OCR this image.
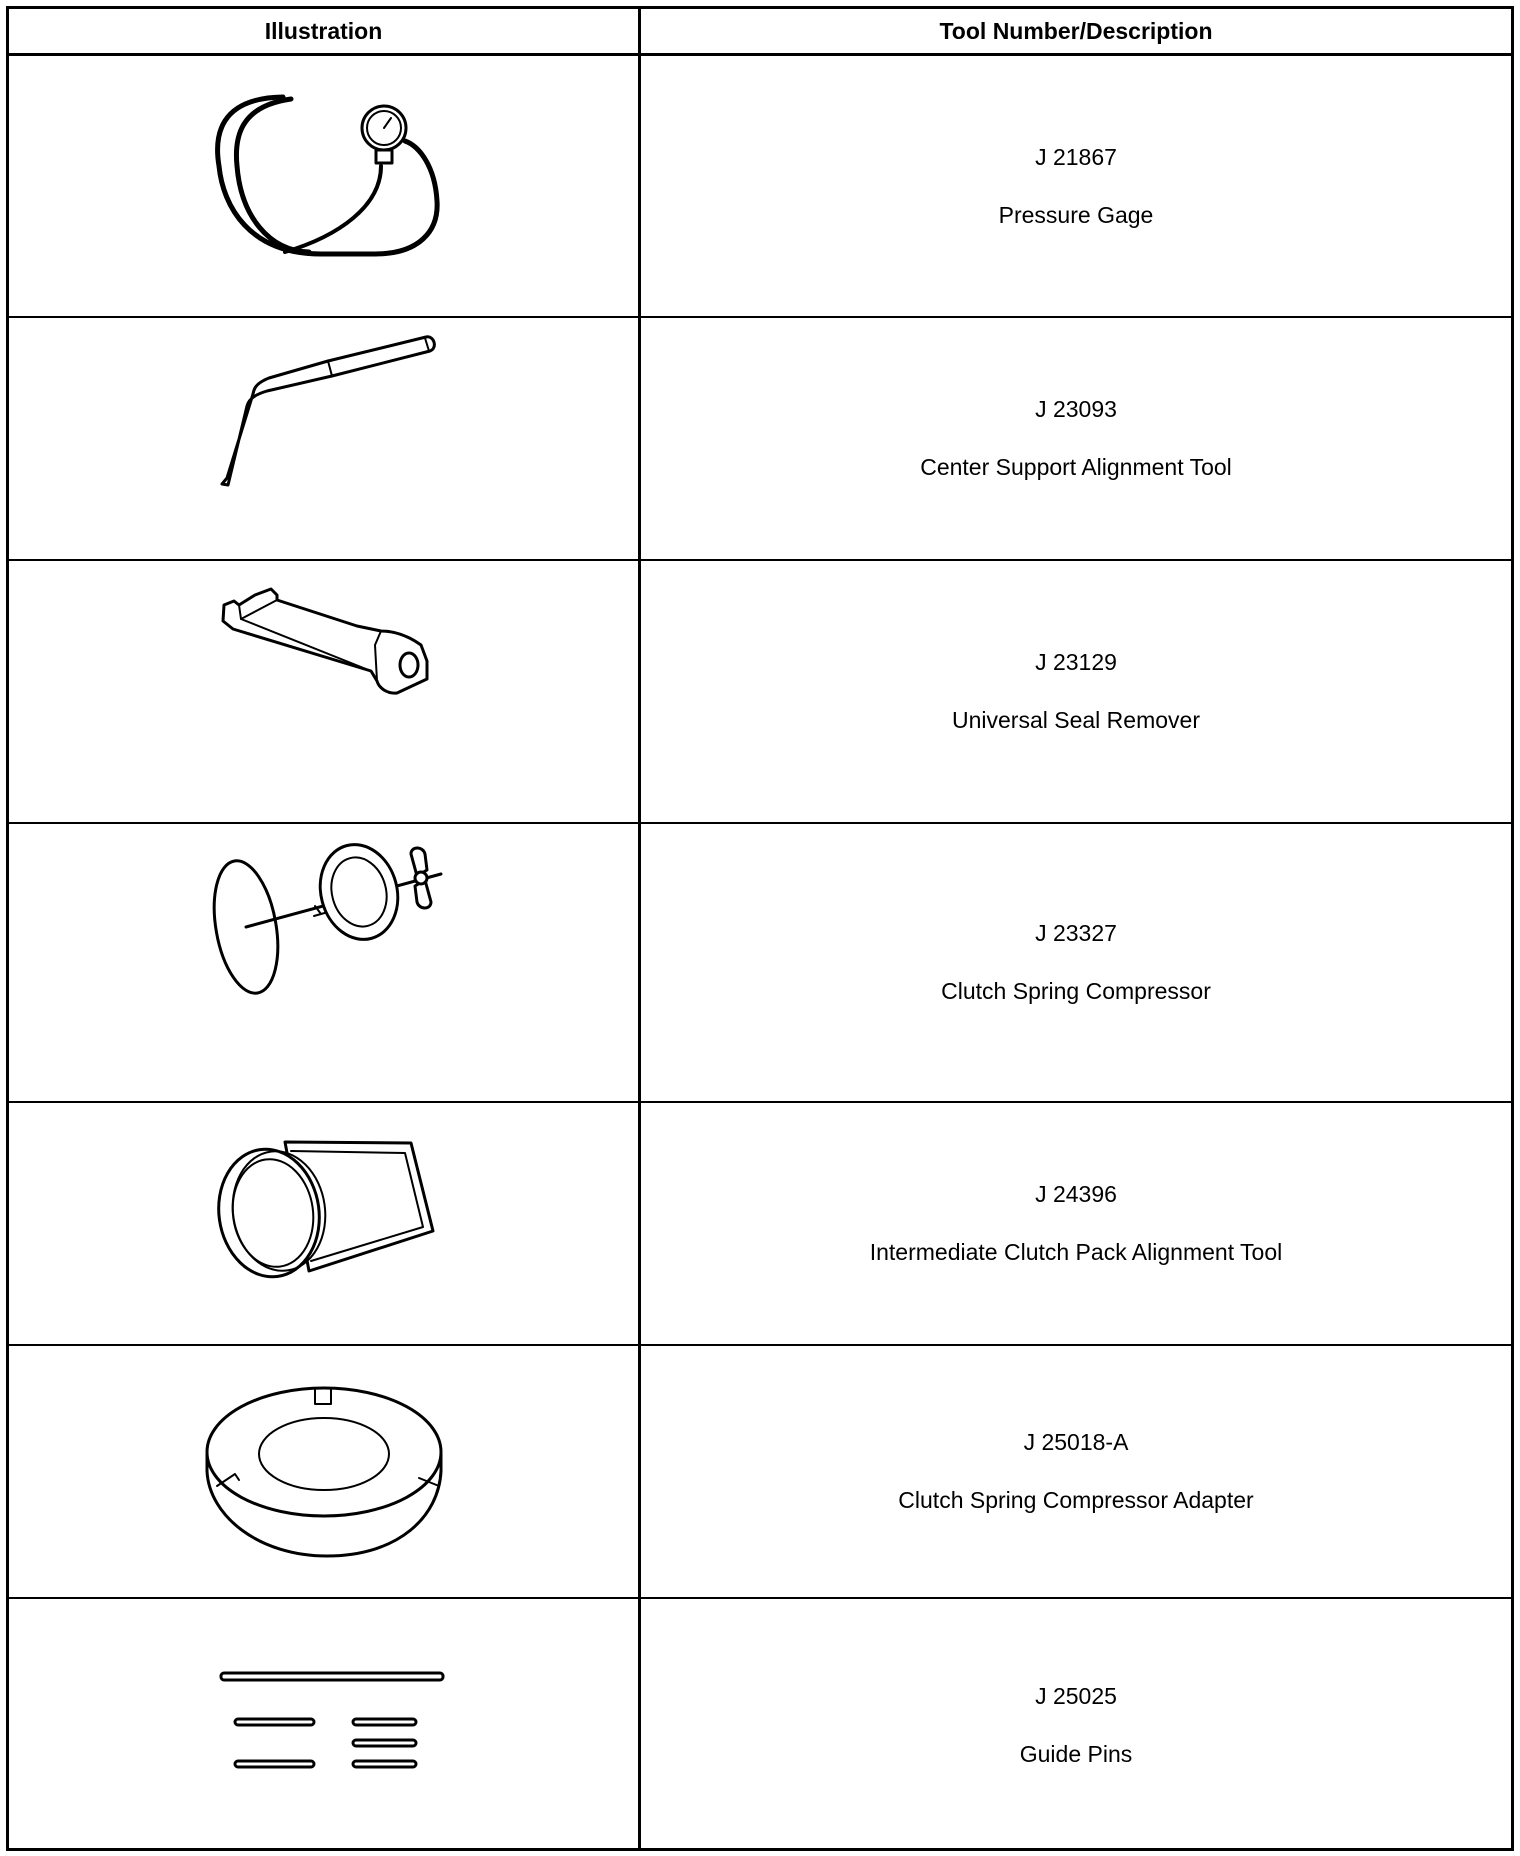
Illustration	Tool Number/Description
J 21867
Pressure Gage
J 23093
Center Support Alignment Tool
J 23129
Universal Seal Remover
J 23327
Clutch Spring Compressor
J 24396
Intermediate Clutch Pack Alignment Tool
J 25018-A
Clutch Spring Compressor Adapter
J 25025
Guide Pins
